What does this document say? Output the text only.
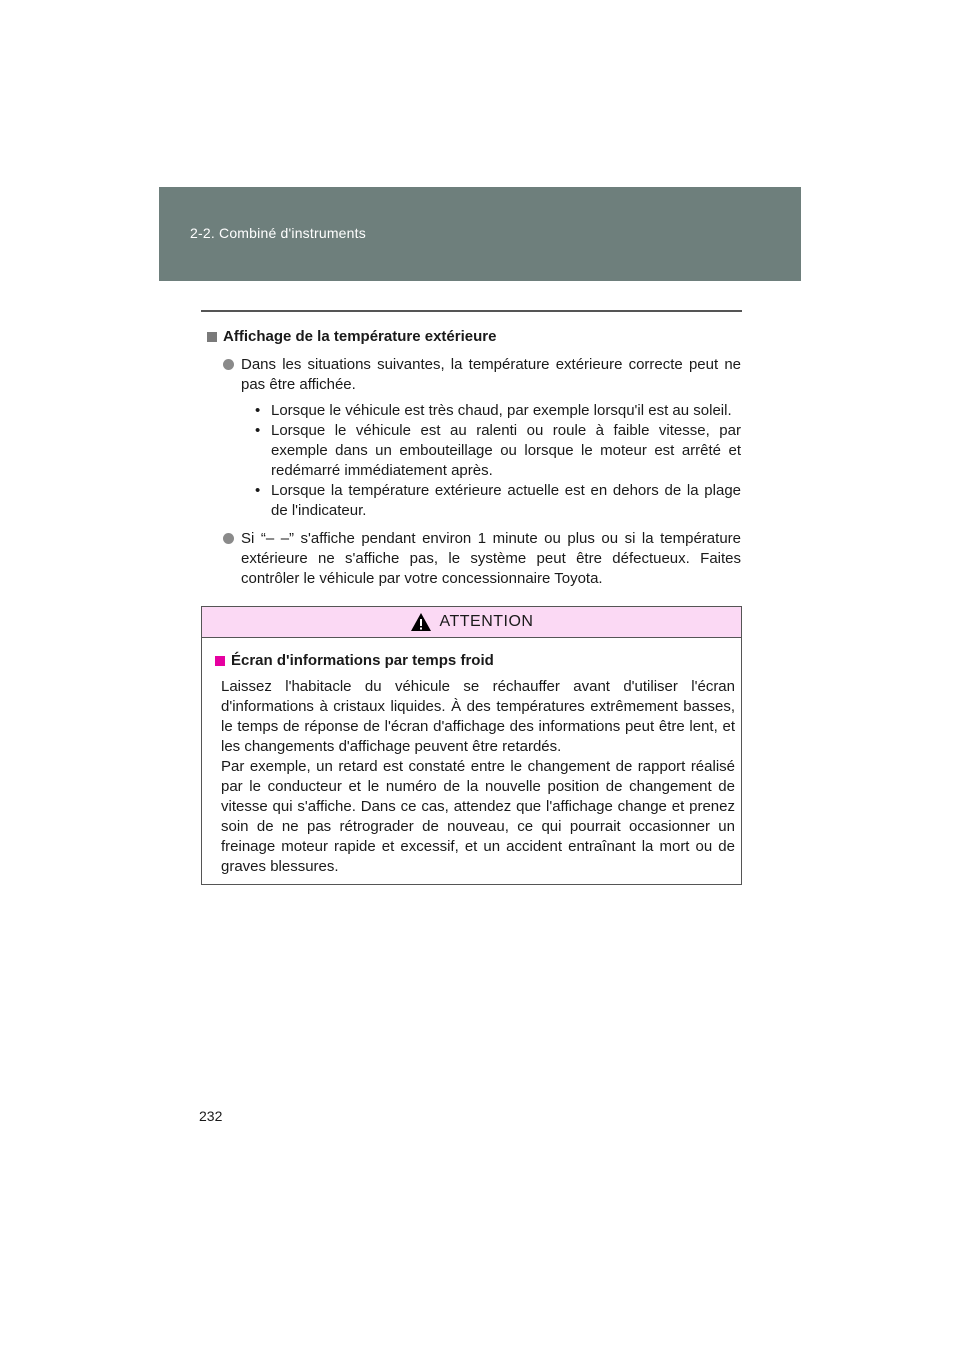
2-2. Combiné d'instruments
Affichage de la température extérieure
Dans les situations suivantes, la température extérieure correcte peut ne pas être affichée.
• Lorsque le véhicule est très chaud, par exemple lorsqu'il est au soleil.
• Lorsque le véhicule est au ralenti ou roule à faible vitesse, par exemple dans un embouteillage ou lorsque le moteur est arrêté et redémarré immédiatement après.
• Lorsque la température extérieure actuelle est en dehors de la plage de l'indicateur.
Si “– –” s'affiche pendant environ 1 minute ou plus ou si la température extérieure ne s'affiche pas, le système peut être défectueux. Faites contrôler le véhicule par votre concessionnaire Toyota.
ATTENTION
Écran d'informations par temps froid

Laissez l'habitacle du véhicule se réchauffer avant d'utiliser l'écran d'informations à cristaux liquides. À des températures extrêmement basses, le temps de réponse de l'écran d'affichage des informations peut être lent, et les changements d'affichage peuvent être retardés.

Par exemple, un retard est constaté entre le changement de rapport réalisé par le conducteur et le numéro de la nouvelle position de changement de vitesse qui s'affiche. Dans ce cas, attendez que l'affichage change et prenez soin de ne pas rétrograder de nouveau, ce qui pourrait occasionner un freinage moteur rapide et excessif, et un accident entraînant la mort ou de graves blessures.

232
